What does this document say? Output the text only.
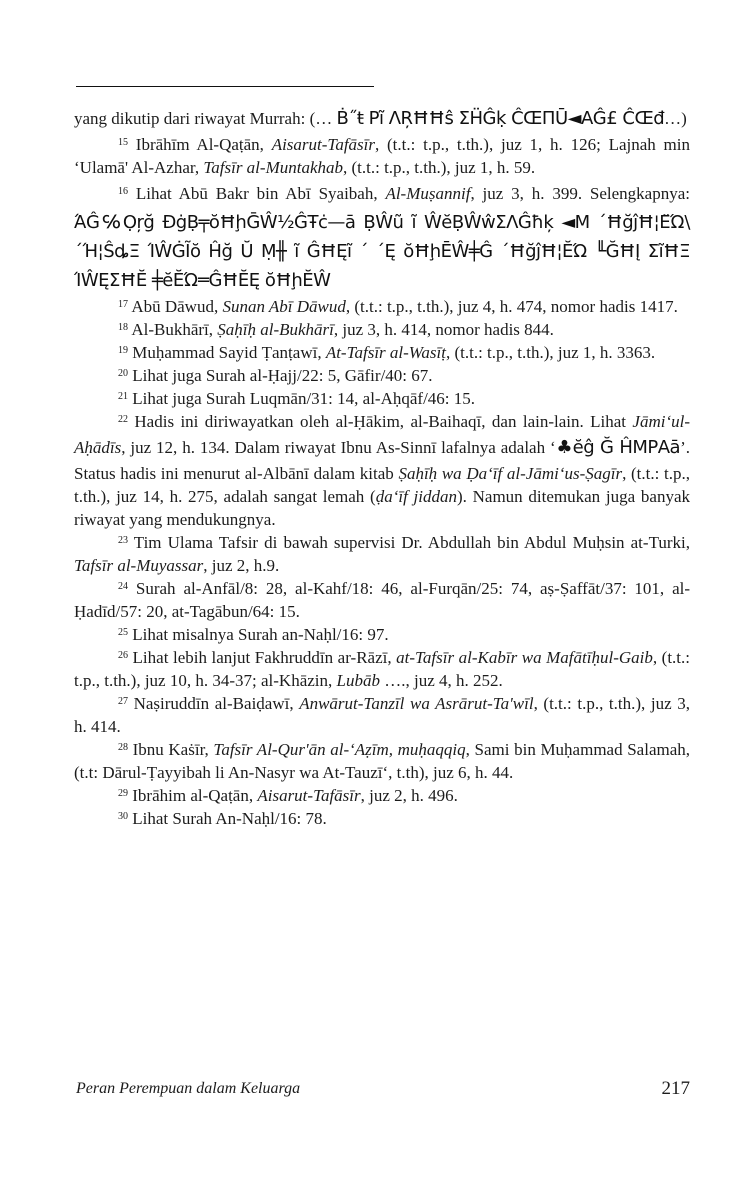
yang dikutip dari riwayat Murrah: (… Ḃ˝ŧ Pĩ ΛŖĦĦŝ ΣḦĜḳ ĈŒΠŪ◄ΑĜ£ ĈŒđ…)

$^{15}$ Ibrāhīm Al-Qaṭān, Aisarut-Tafāsīr, (t.t.: t.p., t.th.), juz 1, h. 126; Lajnah min ‘Ulamā' Al-Azhar, Tafsīr al-Muntakhab, (t.t.: t.p., t.th.), juz 1, h. 59.

$^{16}$ Lihat Abū Bakr bin Abī Syaibah, Al-Muṣannif, juz 3, h. 399. Selengkapnya: ΆĜ℅Ọŗğ ĐġḄ╤ŏĦḩḠŴ½ĜŦċ—ā ḄŴũ ĩ ŴĕḄŴŵΣΛĜħķ ◄Μ ΄ĦğĵĦ¦Ε̈Ώ\ ΄Ή¦ŜȡΞ ΊŴĠĨŏ Ĥğ Ŭ Ṃ╫ ĩ ĜĦĘĩ ΄ ΄Ę ŏĦḩĒŴ╪Ĝ ΄ĦğĵĦ¦ĔΏ ╙ĞĦĮ ΣĩĦΞ ΊŴĘΣĦĔ ╪ĕĔΏ═ĜĦĔĘ ŏĦḩĔŴ

$^{17}$ Abū Dāwud, Sunan Abī Dāwud, (t.t.: t.p., t.th.), juz 4, h. 474, nomor hadis 1417.

$^{18}$ Al-Bukhārī, Ṣaḥīḥ al-Bukhārī, juz 3, h. 414, nomor hadis 844.

$^{19}$ Muḥammad Sayid Ṭanṭawī, At-Tafsīr al-Wasīṭ, (t.t.: t.p., t.th.), juz 1, h. 3363.

$^{20}$ Lihat juga Surah al-Ḥajj/22: 5, Gāfir/40: 67.

$^{21}$ Lihat juga Surah Luqmān/31: 14, al-Aḥqāf/46: 15.

$^{22}$ Hadis ini diriwayatkan oleh al-Ḥākim, al-Baihaqī, dan lain-lain. Lihat Jāmi‘ul-Aḥādīs, juz 12, h. 134. Dalam riwayat Ibnu As-Sinnī lafalnya adalah ‘♣ĕĝ Ğ ĤΜΡΑā’. Status hadis ini menurut al-Albānī dalam kitab Ṣaḥīḥ wa Ḍa‘īf al-Jāmi‘us-Ṣagīr, (t.t.: t.p., t.th.), juz 14, h. 275, adalah sangat lemah (ḍa‘īf jiddan). Namun ditemukan juga banyak riwayat yang mendukungnya.

$^{23}$ Tim Ulama Tafsir di bawah supervisi Dr. Abdullah bin Abdul Muḥsin at-Turki, Tafsīr al-Muyassar, juz 2, h.9.

$^{24}$ Surah al-Anfāl/8: 28, al-Kahf/18: 46, al-Furqān/25: 74, aṣ-Ṣaffāt/37: 101, al-Ḥadīd/57: 20, at-Tagābun/64: 15.

$^{25}$ Lihat misalnya Surah an-Naḥl/16: 97.

$^{26}$ Lihat lebih lanjut Fakhruddīn ar-Rāzī, at-Tafsīr al-Kabīr wa Mafātīḥul-Gaib, (t.t.: t.p., t.th.), juz 10, h. 34-37; al-Khāzin, Lubāb …., juz 4, h. 252.

$^{27}$ Naṣiruddīn al-Baiḍawī, Anwārut-Tanzīl wa Asrārut-Ta'wīl, (t.t.: t.p., t.th.), juz 3, h. 414.

$^{28}$ Ibnu Kaṡīr, Tafsīr Al-Qur'ān al-‘Aẓīm, muḥaqqiq, Sami bin Muḥammad Salamah, (t.t: Dārul-Ṭayyibah li An-Nasyr wa At-Tauzī‘, t.th), juz 6, h. 44.

$^{29}$ Ibrāhim al-Qaṭān, Aisarut-Tafāsīr, juz 2, h. 496.

$^{30}$ Lihat Surah An-Naḥl/16: 78.

Peran Perempuan dalam Keluarga	217
